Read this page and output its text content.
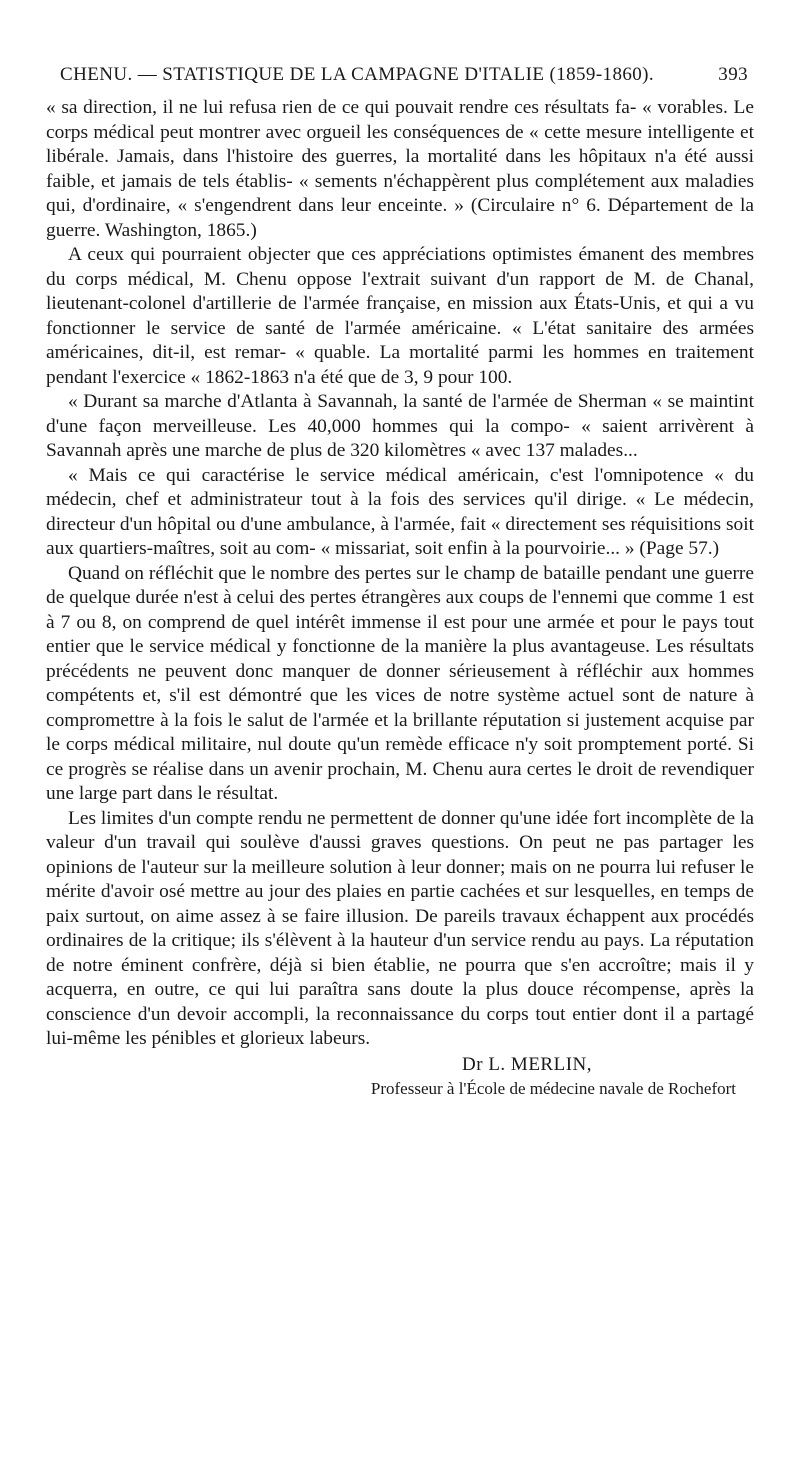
CHENU. — STATISTIQUE DE LA CAMPAGNE D'ITALIE (1859-1860).	393

« sa direction, il ne lui refusa rien de ce qui pouvait rendre ces résultats fa- « vorables. Le corps médical peut montrer avec orgueil les conséquences de « cette mesure intelligente et libérale. Jamais, dans l'histoire des guerres, la mortalité dans les hôpitaux n'a été aussi faible, et jamais de tels établis- « sements n'échappèrent plus complétement aux maladies qui, d'ordinaire, « s'engendrent dans leur enceinte. » (Circulaire n° 6. Département de la guerre. Washington, 1865.)

A ceux qui pourraient objecter que ces appréciations optimistes émanent des membres du corps médical, M. Chenu oppose l'extrait suivant d'un rapport de M. de Chanal, lieutenant-colonel d'artillerie de l'armée française, en mission aux États-Unis, et qui a vu fonctionner le service de santé de l'armée américaine. « L'état sanitaire des armées américaines, dit-il, est remar- « quable. La mortalité parmi les hommes en traitement pendant l'exercice « 1862-1863 n'a été que de 3, 9 pour 100.

« Durant sa marche d'Atlanta à Savannah, la santé de l'armée de Sherman « se maintint d'une façon merveilleuse. Les 40,000 hommes qui la compo- « saient arrivèrent à Savannah après une marche de plus de 320 kilomètres « avec 137 malades...

« Mais ce qui caractérise le service médical américain, c'est l'omnipotence « du médecin, chef et administrateur tout à la fois des services qu'il dirige. « Le médecin, directeur d'un hôpital ou d'une ambulance, à l'armée, fait « directement ses réquisitions soit aux quartiers-maîtres, soit au com- « missariat, soit enfin à la pourvoirie... » (Page 57.)

Quand on réfléchit que le nombre des pertes sur le champ de bataille pendant une guerre de quelque durée n'est à celui des pertes étrangères aux coups de l'ennemi que comme 1 est à 7 ou 8, on comprend de quel intérêt immense il est pour une armée et pour le pays tout entier que le service médical y fonctionne de la manière la plus avantageuse. Les résultats précédents ne peuvent donc manquer de donner sérieusement à réfléchir aux hommes compétents et, s'il est démontré que les vices de notre système actuel sont de nature à compromettre à la fois le salut de l'armée et la brillante réputation si justement acquise par le corps médical militaire, nul doute qu'un remède efficace n'y soit promptement porté. Si ce progrès se réalise dans un avenir prochain, M. Chenu aura certes le droit de revendiquer une large part dans le résultat.

Les limites d'un compte rendu ne permettent de donner qu'une idée fort incomplète de la valeur d'un travail qui soulève d'aussi graves questions. On peut ne pas partager les opinions de l'auteur sur la meilleure solution à leur donner; mais on ne pourra lui refuser le mérite d'avoir osé mettre au jour des plaies en partie cachées et sur lesquelles, en temps de paix surtout, on aime assez à se faire illusion. De pareils travaux échappent aux procédés ordinaires de la critique; ils s'élèvent à la hauteur d'un service rendu au pays. La réputation de notre éminent confrère, déjà si bien établie, ne pourra que s'en accroître; mais il y acquerra, en outre, ce qui lui paraîtra sans doute la plus douce récompense, après la conscience d'un devoir accompli, la reconnaissance du corps tout entier dont il a partagé lui-même les pénibles et glorieux labeurs.

Dr L. MERLIN,
Professeur à l'École de médecine navale de Rochefort
